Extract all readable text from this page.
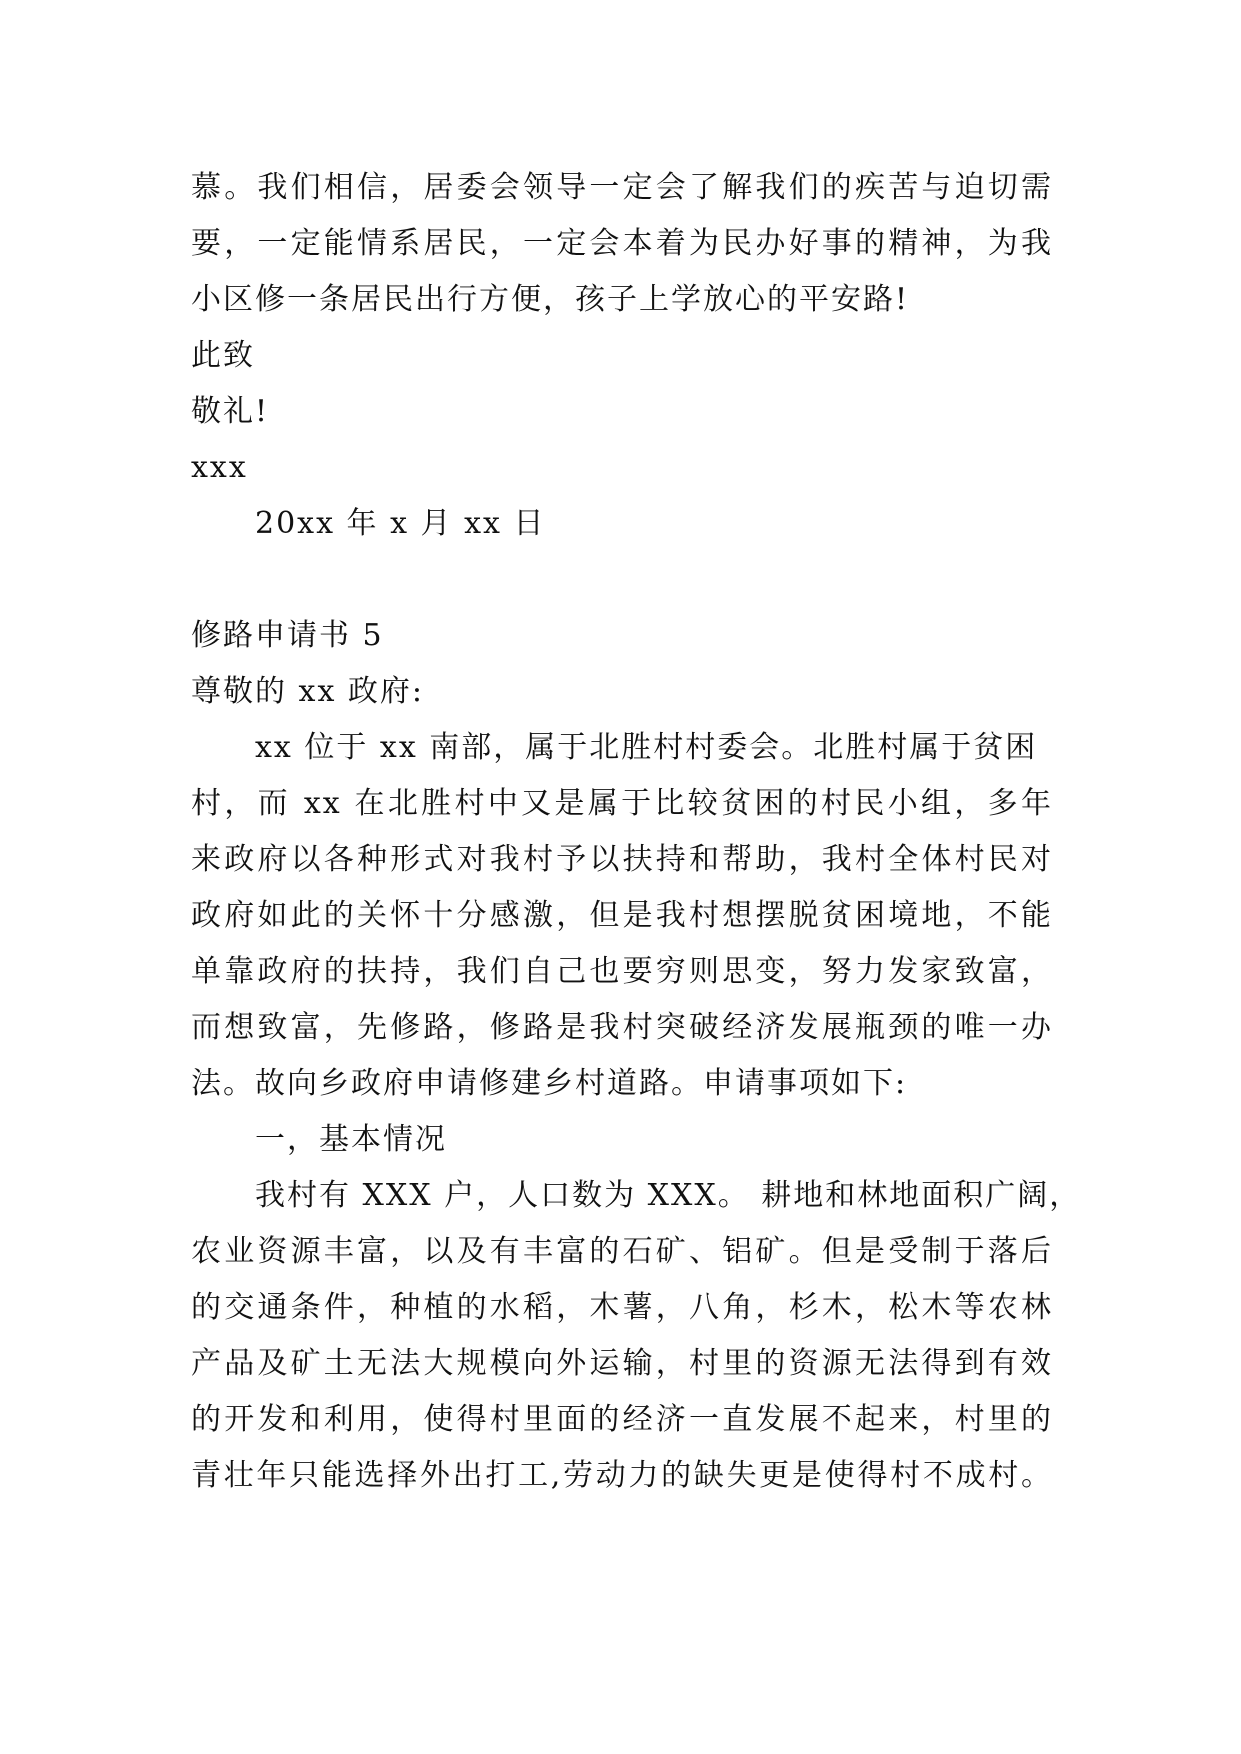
慕。我们相信，居委会领导一定会了解我们的疾苦与迫切需
要，一定能情系居民，一定会本着为民办好事的精神，为我
小区修一条居民出行方便，孩子上学放心的平安路!
此致
敬礼!
xxx
20xx 年 x 月 xx 日
修路申请书 5
尊敬的 xx 政府:
xx 位于 xx 南部，属于北胜村村委会。北胜村属于贫困
村，而 xx 在北胜村中又是属于比较贫困的村民小组，多年
来政府以各种形式对我村予以扶持和帮助，我村全体村民对
政府如此的关怀十分感激，但是我村想摆脱贫困境地，不能
单靠政府的扶持，我们自己也要穷则思变，努力发家致富，
而想致富，先修路，修路是我村突破经济发展瓶颈的唯一办
法。故向乡政府申请修建乡村道路。申请事项如下:
一，基本情况
我村有 XXX 户，人口数为 XXX。 耕地和林地面积广阔，
农业资源丰富，以及有丰富的石矿、铝矿。但是受制于落后
的交通条件，种植的水稻，木薯，八角，杉木，松木等农林
产品及矿土无法大规模向外运输，村里的资源无法得到有效
的开发和利用，使得村里面的经济一直发展不起来，村里的
青壮年只能选择外出打工,劳动力的缺失更是使得村不成村。
